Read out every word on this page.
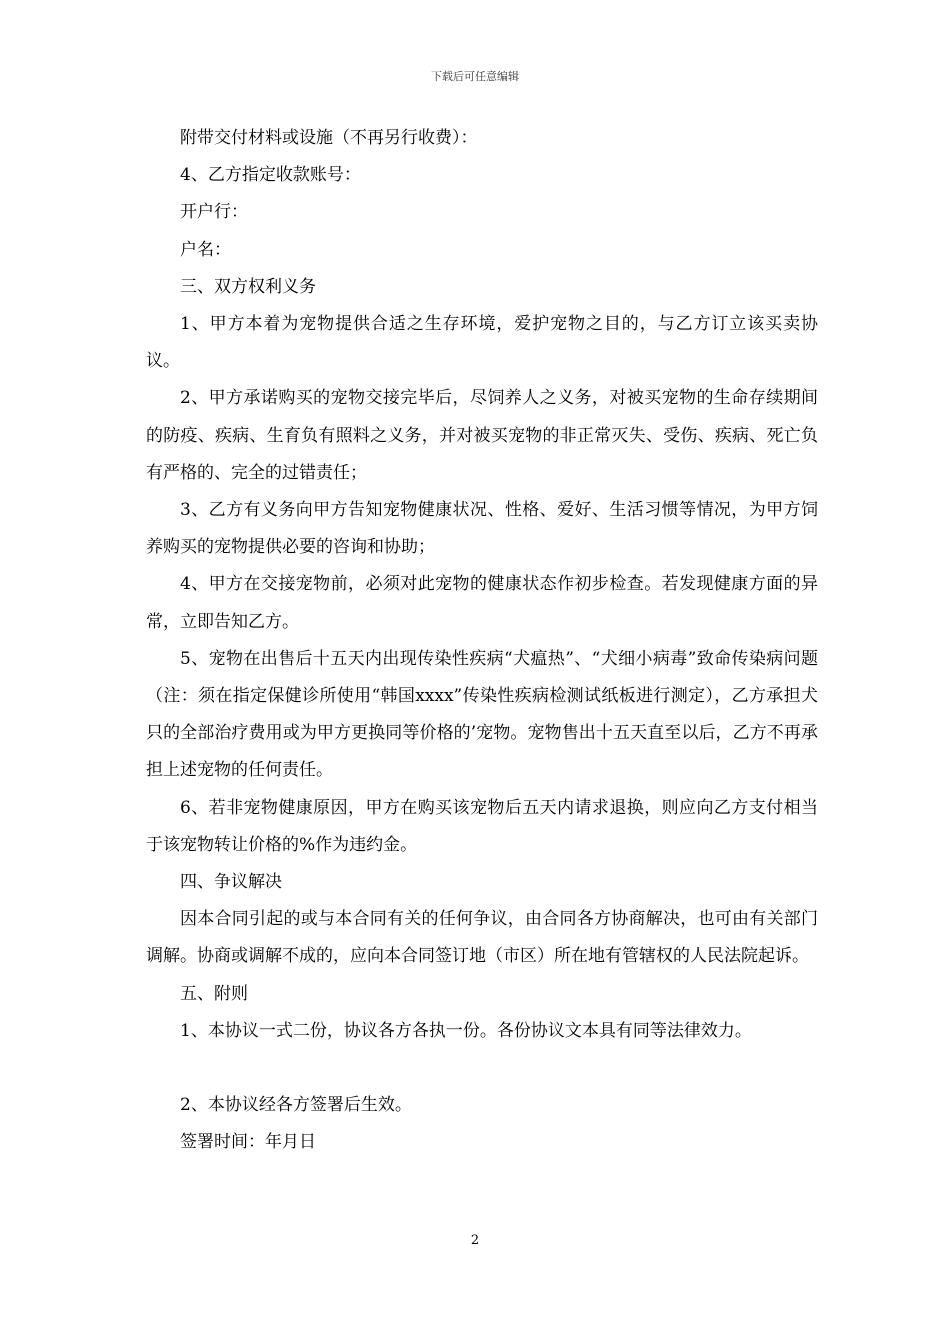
下载后可任意编辑

附带交付材料或设施（不再另行收费）：

4、乙方指定收款账号：

开户行：

户名：

三、双方权利义务

1、甲方本着为宠物提供合适之生存环境，爱护宠物之目的，与乙方订立该买卖协议。

2、甲方承诺购买的宠物交接完毕后，尽饲养人之义务，对被买宠物的生命存续期间的防疫、疾病、生育负有照料之义务，并对被买宠物的非正常灭失、受伤、疾病、死亡负有严格的、完全的过错责任；

3、乙方有义务向甲方告知宠物健康状况、性格、爱好、生活习惯等情况，为甲方饲养购买的宠物提供必要的咨询和协助；

4、甲方在交接宠物前，必须对此宠物的健康状态作初步检查。若发现健康方面的异常，立即告知乙方。

5、宠物在出售后十五天内出现传染性疾病“犬瘟热”、“犬细小病毒”致命传染病问题（注：须在指定保健诊所使用“韩国xxxx”传染性疾病检测试纸板进行测定），乙方承担犬只的全部治疗费用或为甲方更换同等价格的’宠物。宠物售出十五天直至以后，乙方不再承担上述宠物的任何责任。

6、若非宠物健康原因，甲方在购买该宠物后五天内请求退换，则应向乙方支付相当于该宠物转让价格的%作为违约金。

四、争议解决

因本合同引起的或与本合同有关的任何争议，由合同各方协商解决，也可由有关部门调解。协商或调解不成的，应向本合同签订地（市区）所在地有管辖权的人民法院起诉。

五、附则

1、本协议一式二份，协议各方各执一份。各份协议文本具有同等法律效力。

2、本协议经各方签署后生效。

签署时间：年月日

2
